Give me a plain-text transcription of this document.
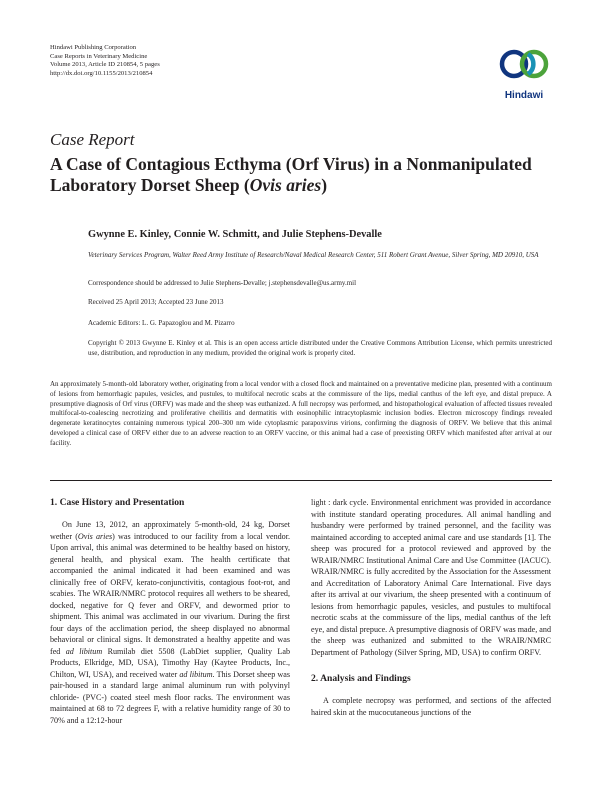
Hindawi Publishing Corporation
Case Reports in Veterinary Medicine
Volume 2013, Article ID 210854, 5 pages
http://dx.doi.org/10.1155/2013/210854
Hindawi
Case Report
A Case of Contagious Ecthyma (Orf Virus) in a Nonmanipulated Laboratory Dorset Sheep (Ovis aries)
Gwynne E. Kinley, Connie W. Schmitt, and Julie Stephens-Devalle
Veterinary Services Program, Walter Reed Army Institute of Research/Naval Medical Research Center, 511 Robert Grant Avenue, Silver Spring, MD 20910, USA
Correspondence should be addressed to Julie Stephens-Devalle; j.stephensdevalle@us.army.mil
Received 25 April 2013; Accepted 23 June 2013
Academic Editors: L. G. Papazoglou and M. Pizarro
Copyright © 2013 Gwynne E. Kinley et al. This is an open access article distributed under the Creative Commons Attribution License, which permits unrestricted use, distribution, and reproduction in any medium, provided the original work is properly cited.
An approximately 5-month-old laboratory wether, originating from a local vendor with a closed flock and maintained on a preventative medicine plan, presented with a continuum of lesions from hemorrhagic papules, vesicles, and pustules, to multifocal necrotic scabs at the commissure of the lips, medial canthus of the left eye, and distal prepuce. A presumptive diagnosis of Orf virus (ORFV) was made and the sheep was euthanized. A full necropsy was performed, and histopathological evaluation of affected tissues revealed multifocal-to-coalescing necrotizing and proliferative cheilitis and dermatitis with eosinophilic intracytoplasmic inclusion bodies. Electron microscopy findings revealed degenerate keratinocytes containing numerous typical 200–300 nm wide cytoplasmic parapoxvirus virions, confirming the diagnosis of ORFV. We believe that this animal developed a clinical case of ORFV either due to an adverse reaction to an ORFV vaccine, or this animal had a case of preexisting ORFV which manifested after arrival at our facility.
1. Case History and Presentation

On June 13, 2012, an approximately 5-month-old, 24 kg, Dorset wether (Ovis aries) was introduced to our facility from a local vendor. Upon arrival, this animal was determined to be healthy based on history, general health, and physical exam. The health certificate that accompanied the animal indicated it had been examined and was clinically free of ORFV, kerato-conjunctivitis, contagious foot-rot, and scabies. The WRAIR/NMRC protocol requires all wethers to be sheared, docked, negative for Q fever and ORFV, and dewormed prior to shipment. This animal was acclimated in our vivarium. During the first four days of the acclimation period, the sheep displayed no abnormal behavioral or clinical signs. It demonstrated a healthy appetite and was fed ad libitum Rumilab diet 5508 (LabDiet supplier, Quality Lab Products, Elkridge, MD, USA), Timothy Hay (Kaytee Products, Inc., Chilton, WI, USA), and received water ad libitum. This Dorset sheep was pair-housed in a standard large animal aluminum run with polyvinyl chloride- (PVC-) coated steel mesh floor racks. The environment was maintained at 68 to 72 degrees F, with a relative humidity range of 30 to 70% and a 12:12-hour

light : dark cycle. Environmental enrichment was provided in accordance with institute standard operating procedures. All animal handling and husbandry were performed by trained personnel, and the facility was maintained according to accepted animal care and use standards [1]. The sheep was procured for a protocol reviewed and approved by the WRAIR/NMRC Institutional Animal Care and Use Committee (IACUC). WRAIR/NMRC is fully accredited by the Association for the Assessment and Accreditation of Laboratory Animal Care International. Five days after its arrival at our vivarium, the sheep presented with a continuum of lesions from hemorrhagic papules, vesicles, and pustules to multifocal necrotic scabs at the commissure of the lips, medial canthus of the left eye, and distal prepuce. A presumptive diagnosis of ORFV was made, and the sheep was euthanized and submitted to the WRAIR/NMRC Department of Pathology (Silver Spring, MD, USA) to confirm ORFV.

2. Analysis and Findings

A complete necropsy was performed, and sections of the affected haired skin at the mucocutaneous junctions of the
